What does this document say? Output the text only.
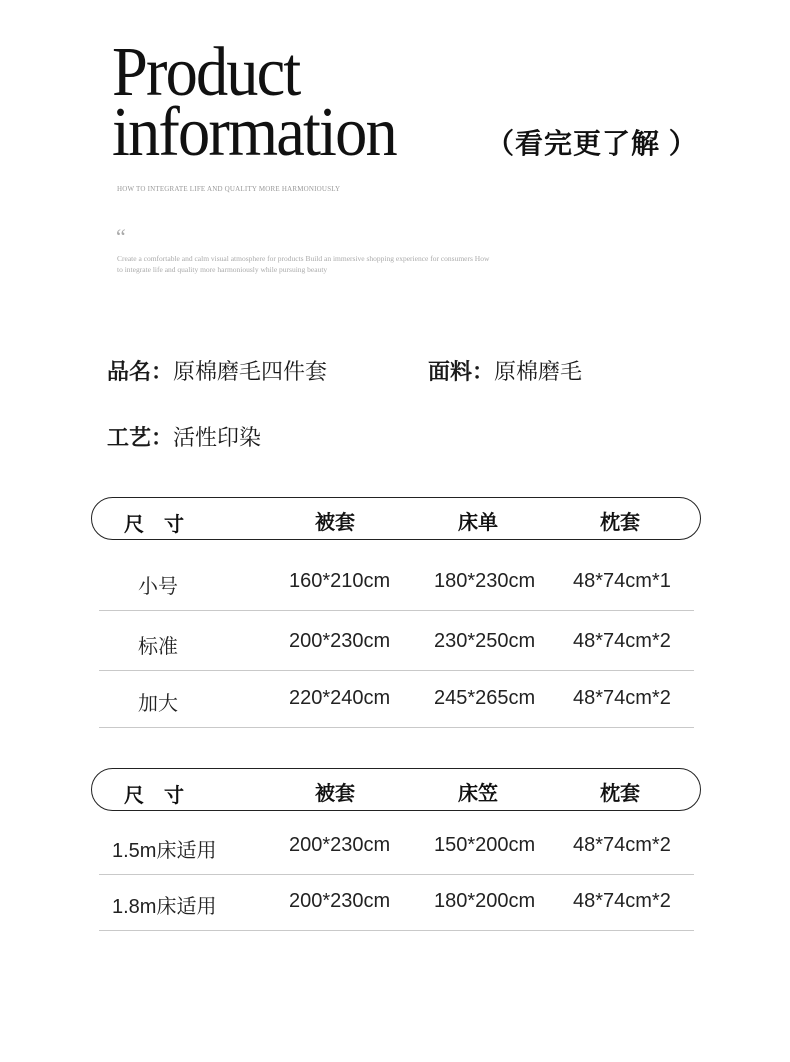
Product
information	（看完更了解 ）
HOW TO INTEGRATE LIFE AND QUALITY MORE HARMONIOUSLY
“
Create a comfortable and calm visual atmosphere for products Build an immersive shopping experience for consumers How to integrate life and quality more harmoniously while pursuing beauty
品名：原棉磨毛四件套	面料：原棉磨毛
工艺：活性印染
尺　寸	被套	床单	枕套
小号	160*210cm 180*230cm 48*74cm*1
标准	200*230cm 230*250cm 48*74cm*2
加大	220*240cm 245*265cm 48*74cm*2
尺　寸	被套	床笠	枕套
1.5m床适用	200*230cm 150*200cm 48*74cm*2
1.8m床适用	200*230cm 180*200cm 48*74cm*2
